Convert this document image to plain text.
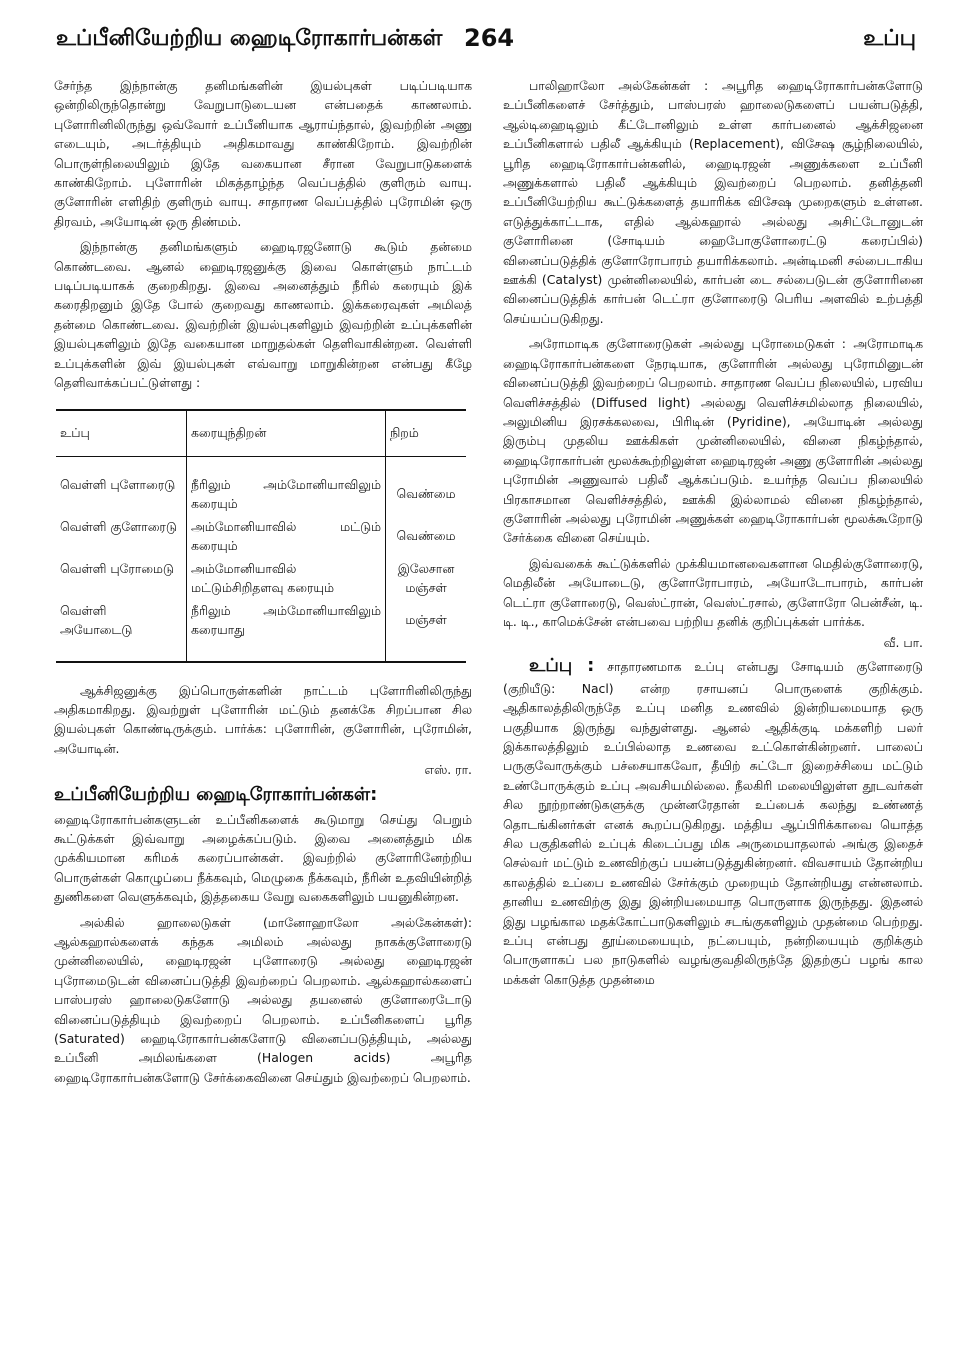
உப்பீனியேற்றிய ஹைடிரோகார்பன்கள் 264	உப்பு

சேர்ந்த இந்நான்கு தனிமங்களின் இயல்புகள் படிப்படியாக ஒன்றிலிருந்தொன்று வேறுபாடுடையன என்பதைக் காணலாம். புளோரினிலிருந்து ஒவ்வோர் உப்பீனியாக ஆராய்ந்தால், இவற்றின் அணு எடையும், அடர்த்தியும் அதிகமாவது காண்கிறோம். இவற்றின் பொருள்நிலையிலும் இதே வகையான சீரான வேறுபாடுகளைக் காண்கிறோம். புளோரின் மிகத்தாழ்ந்த வெப்பத்தில் குளிரும் வாயு. குளோரின் எளிதிற் குளிரும் வாயு. சாதாரண வெப்பத்தில் புரோமின் ஒரு திரவம், அயோடின் ஒரு திண்மம்.

இந்நான்கு தனிமங்களும் ஹைடிரஜனோடு கூடும் தன்மை கொண்டவை. ஆனல் ஹைடிரஜனுக்கு இவை கொள்ளும் நாட்டம் படிப்படியாகக் குறைகிறது. இவை அனைத்தும் நீரில் கரையும் இக் கரைதிறனும் இதே போல் குறைவது காணலாம். இக்கரைவுகள் அமிலத் தன்மை கொண்டவை. இவற்றின் இயல்புகளிலும் இவற்றின் உப்புக்களின் இயல்புகளிலும் இதே வகையான மாறுதல்கள் தெளிவாகின்றன. வெள்ளி உப்புக்களின் இவ் இயல்புகள் எவ்வாறு மாறுகின்றன என்பது கீழே தெளிவாக்கப்பட்டுள்ளது :

உப்பு	கரையுந்திறன்	நிறம்
வெள்ளி புளோரைடு	நீரிலும் அம்மோனியாவிலும் கரையும்	வெண்மை
வெள்ளி குளோரைடு	அம்மோனியாவில் மட்டும் கரையும்	வெண்மை
வெள்ளி புரோமைடு	அம்மோனியாவில் மட்டும்சிறிதளவு கரையும்	இலேசான மஞ்சள்
வெள்ளி அயோடைடு	நீரிலும் அம்மோனியாவிலும் கரையாது	மஞ்சள்

ஆக்சிஜனுக்கு இப்பொருள்களின் நாட்டம் புளோரினிலிருந்து அதிகமாகிறது. இவற்றுள் புளோரின் மட்டும் தனக்கே சிறப்பான சில இயல்புகள் கொண்டிருக்கும். பார்க்க: புளோரின், குளோரின், புரோமின், அயோடின்.

எஸ். ரா.
உப்பீனியேற்றிய ஹைடிரோகார்பன்கள்:

ஹைடிரோகார்பன்களுடன் உப்பீனிகளைக் கூடுமாறு செய்து பெறும் கூட்டுக்கள் இவ்வாறு அழைக்கப்படும். இவை அனைத்தும் மிக முக்கியமான கரிமக் கரைப்பான்கள். இவற்றில் குளோரினேற்றிய பொருள்கள் கொழுப்பை நீக்கவும், மெழுகை நீக்கவும், நீரின் உதவியின்றித் துணிகளை வெளுக்கவும், இத்தகைய வேறு வகைகளிலும் பயனுகின்றன.

அல்கில் ஹாலைடுகள் (மானோஹாலோ அல்கேன்கள்): ஆல்கஹால்களைக் கந்தக அமிலம் அல்லது நாகக்குளோரைடு முன்னிலையில், ஹைடிரஜன் புளோரைடு அல்லது ஹைடிரஜன் புரோமைடுடன் வினைப்படுத்தி இவற்றைப் பெறலாம். ஆல்கஹால்களைப் பாஸ்பரஸ் ஹாலைடுகளோடு அல்லது தயனைல் குளோரைடோடு வினைப்படுத்தியும் இவற்றைப் பெறலாம். உப்பீனிகளைப் பூரித (Saturated) ஹைடிரோகார்பன்களோடு வினைப்படுத்தியும், அல்லது உப்பீனி அமிலங்களை (Halogen acids) அபூரித ஹைடிரோகார்பன்களோடு சேர்க்கைவினை செய்தும் இவற்றைப் பெறலாம்.

பாலிஹாலோ அல்கேன்கள் : அபூரித ஹைடிரோகார்பன்களோடு உப்பீனிகளைச் சேர்த்தும், பாஸ்பரஸ் ஹாலைடுகளைப் பயன்படுத்தி, ஆல்டிஹைடிலும் கீட்டோனிலும் உள்ள கார்பனைல் ஆக்சிஜனை உப்பீனிகளால் பதிலீ ஆக்கியும் (Replacement), விசேஷ சூழ்நிலையில், பூரித ஹைடிரோகார்பன்களில், ஹைடிரஜன் அணுக்களை உப்பீனி அணுக்களால் பதிலீ ஆக்கியும் இவற்றைப் பெறலாம். தனித்தனி உப்பீனியேற்றிய கூட்டுக்களைத் தயாரிக்க விசேஷ முறைகளும் உள்ளன. எடுத்துக்காட்டாக, எதில் ஆல்கஹால் அல்லது அசிட்டோனுடன் குளோரினை (சோடியம் ஹைபோகுளோரைட்டு கரைப்பில்) வினைப்படுத்திக் குளோரோபாரம் தயாரிக்கலாம். அன்டிமனி சல்பைடாகிய ஊக்கி (Catalyst) முன்னிலையில், கார்பன் டை சல்பைடுடன் குளோரினை வினைப்படுத்திக் கார்பன் டெட்ரா குளோரைடு பெரிய அளவில் உற்பத்தி செய்யப்படுகிறது.

அரோமாடிக குளோரைடுகள் அல்லது புரோமைடுகள் : அரோமாடிக ஹைடிரோகார்பன்களை நேரடியாக, குளோரின் அல்லது புரோமினுடன் வினைப்படுத்தி இவற்றைப் பெறலாம். சாதாரண வெப்ப நிலையில், பரவிய வெளிச்சத்தில் (Diffused light) அல்லது வெளிச்சமில்லாத நிலையில், அலுமினிய இரசக்கலவை, பிரிடின் (Pyridine), அயோடின் அல்லது இரும்பு முதலிய ஊக்கிகள் முன்னிலையில், வினை நிகழ்ந்தால், ஹைடிரோகார்பன் மூலக்கூற்றிலுள்ள ஹைடிரஜன் அணு குளோரின் அல்லது புரோமின் அணுவால் பதிலீ ஆக்கப்படும். உயர்ந்த வெப்ப நிலையில் பிரகாசமான வெளிச்சத்தில், ஊக்கி இல்லாமல் வினை நிகழ்ந்தால், குளோரின் அல்லது புரோமின் அணுக்கள் ஹைடிரோகார்பன் மூலக்கூறோடு சேர்க்கை வினை செய்யும்.

இவ்வகைக் கூட்டுக்களில் முக்கியமானவைகளான மெதில்குளோரைடு, மெதிலீன் அயோடைடு, குளோரோபாரம், அயோடோபாரம், கார்பன் டெட்ரா குளோரைடு, வெஸ்ட்ரான், வெஸ்ட்ரசால், குளோரோ பென்சீன், டி. டி. டி., காமெக்சேன் என்பவை பற்றிய தனிக் குறிப்புக்கள் பார்க்க.

வீ. பா.

உப்பு : சாதாரணமாக உப்பு என்பது சோடியம் குளோரைடு (குறியீடு: Nacl) என்ற ரசாயனப் பொருளைக் குறிக்கும். ஆதிகாலத்திலிருந்தே உப்பு மனித உணவில் இன்றியமையாத ஒரு பகுதியாக இருந்து வந்துள்ளது. ஆனல் ஆதிக்குடி மக்களிற் பலர் இக்காலத்திலும் உப்பில்லாத உணவை உட்கொள்கின்றனர். பாலைப் பருகுவோருக்கும் பச்சையாகவோ, தீயிற் சுட்டோ இறைச்சியை மட்டும் உண்போருக்கும் உப்பு அவசியமில்லை. நீலகிரி மலையிலுள்ள தூடவர்கள் சில நூற்றாண்டுகளுக்கு முன்னரேதான் உப்பைக் கலந்து உண்ணத் தொடங்கினர்கள் எனக் கூறப்படுகிறது. மத்திய ஆப்பிரிக்காவை யொத்த சில பகுதிகளில் உப்புக் கிடைப்பது மிக அருமையாதலால் அங்கு இதைச் செல்வர் மட்டும் உணவிற்குப் பயன்படுத்துகின்றனர். விவசாயம் தோன்றிய காலத்தில் உப்பை உணவில் சேர்க்கும் முறையும் தோன்றியது என்னலாம். தானிய உணவிற்கு இது இன்றியமையாத பொருளாக இருந்தது. இதனல் இது பழங்கால மதக்கோட்பாடுகளிலும் சடங்குகளிலும் முதன்மை பெற்றது. உப்பு என்பது தூய்மையையும், நட்பையும், நன்றியையும் குறிக்கும் பொருளாகப் பல நாடுகளில் வழங்குவதிலிருந்தே இதற்குப் பழங் கால மக்கள் கொடுத்த முதன்மை
